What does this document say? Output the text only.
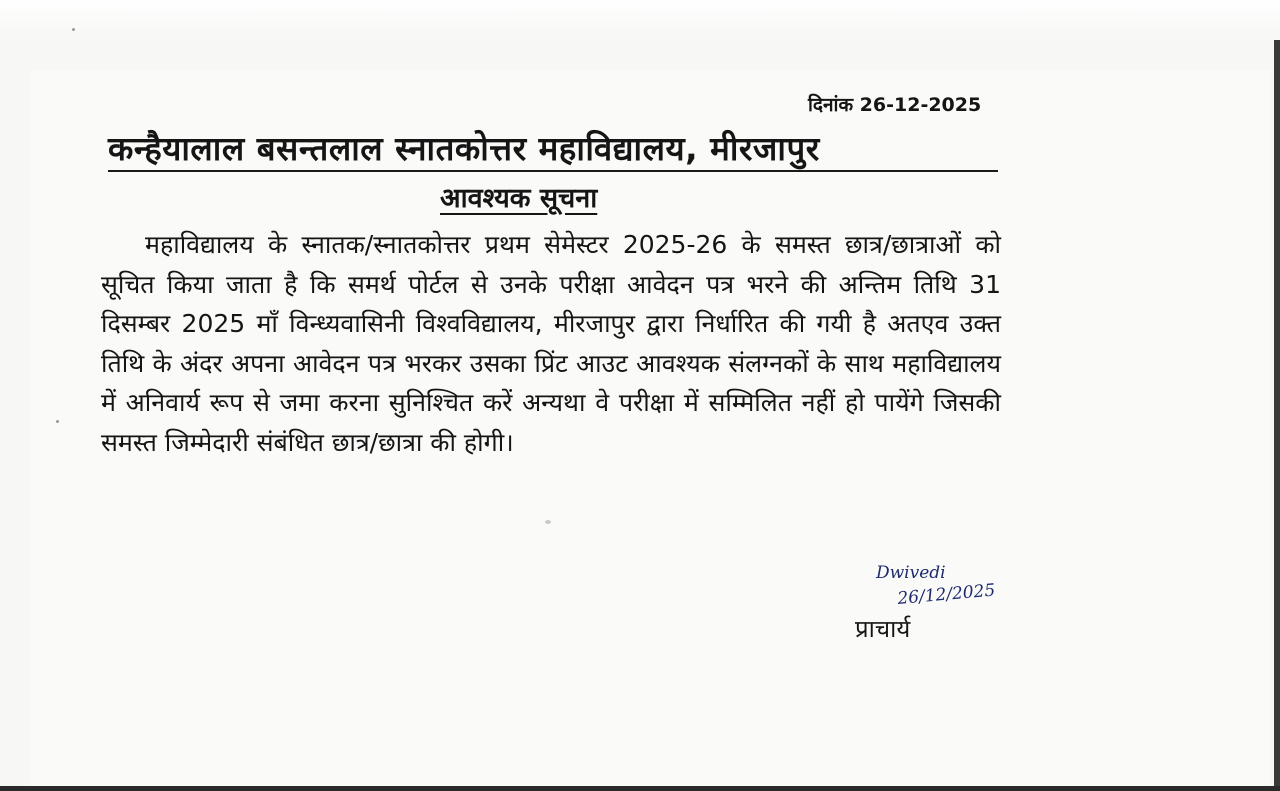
दिनांक 26-12-2025
कन्हैयालाल बसन्तलाल स्नातकोत्तर महाविद्यालय, मीरजापुर
आवश्यक सूचना

महाविद्यालय के स्नातक/स्नातकोत्तर प्रथम सेमेस्टर 2025-26 के समस्त छात्र/छात्राओं को सूचित किया जाता है कि समर्थ पोर्टल से उनके परीक्षा आवेदन पत्र भरने की अन्तिम तिथि 31 दिसम्बर 2025 माँ विन्ध्यवासिनी विश्वविद्यालय, मीरजापुर द्वारा निर्धारित की गयी है अतएव उक्त तिथि के अंदर अपना आवेदन पत्र भरकर उसका प्रिंट आउट आवश्यक संलग्नकों के साथ महाविद्यालय में अनिवार्य रूप से जमा करना सुनिश्चित करें अन्यथा वे परीक्षा में सम्मिलित नहीं हो पायेंगे जिसकी समस्त जिम्मेदारी संबंधित छात्र/छात्रा की होगी।

Dwivedi
26/12/2025
प्राचार्य
